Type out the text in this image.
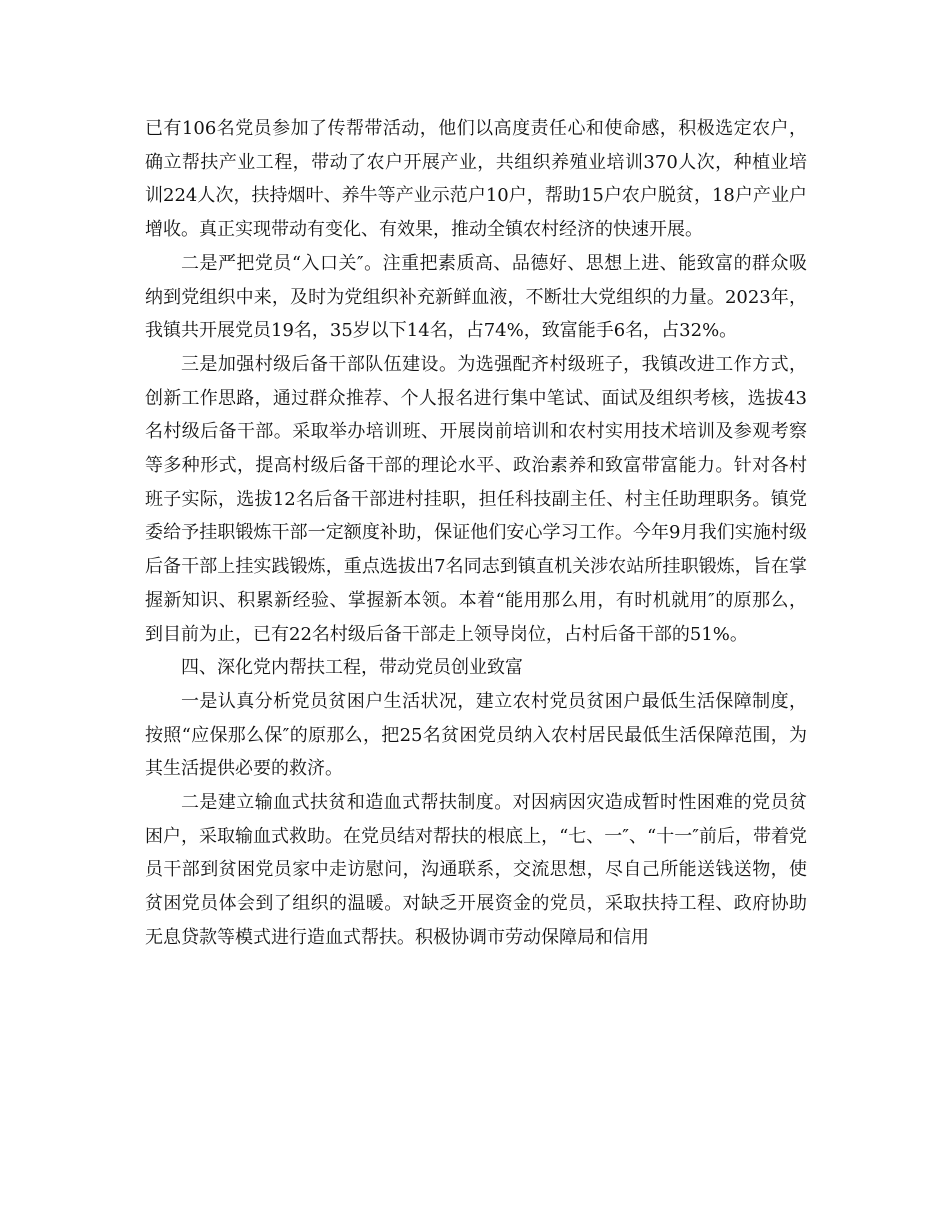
已有106名党员参加了传帮带活动，他们以高度责任心和使命感，积极选定农户，确立帮扶产业工程，带动了农户开展产业，共组织养殖业培训370人次，种植业培训224人次，扶持烟叶、养牛等产业示范户10户，帮助15户农户脱贫，18户产业户增收。真正实现带动有变化、有效果，推动全镇农村经济的快速开展。

二是严把党员“入口关″。注重把素质高、品德好、思想上进、能致富的群众吸纳到党组织中来，及时为党组织补充新鲜血液，不断壮大党组织的力量。2023年，我镇共开展党员19名，35岁以下14名，占74%，致富能手6名，占32%。

三是加强村级后备干部队伍建设。为选强配齐村级班子，我镇改进工作方式，创新工作思路，通过群众推荐、个人报名进行集中笔试、面试及组织考核，选拔43名村级后备干部。采取举办培训班、开展岗前培训和农村实用技术培训及参观考察等多种形式，提高村级后备干部的理论水平、政治素养和致富带富能力。针对各村班子实际，选拔12名后备干部进村挂职，担任科技副主任、村主任助理职务。镇党委给予挂职锻炼干部一定额度补助，保证他们安心学习工作。今年9月我们实施村级后备干部上挂实践锻炼，重点选拔出7名同志到镇直机关涉农站所挂职锻炼，旨在掌握新知识、积累新经验、掌握新本领。本着“能用那么用，有时机就用″的原那么，到目前为止，已有22名村级后备干部走上领导岗位，占村后备干部的51%。

四、深化党内帮扶工程，带动党员创业致富

一是认真分析党员贫困户生活状况，建立农村党员贫困户最低生活保障制度，按照“应保那么保″的原那么，把25名贫困党员纳入农村居民最低生活保障范围，为其生活提供必要的救济。

二是建立输血式扶贫和造血式帮扶制度。对因病因灾造成暂时性困难的党员贫困户，采取输血式救助。在党员结对帮扶的根底上，“七、一″、“十一″前后，带着党员干部到贫困党员家中走访慰问，沟通联系，交流思想，尽自己所能送钱送物，使贫困党员体会到了组织的温暖。对缺乏开展资金的党员，采取扶持工程、政府协助无息贷款等模式进行造血式帮扶。积极协调市劳动保障局和信用
